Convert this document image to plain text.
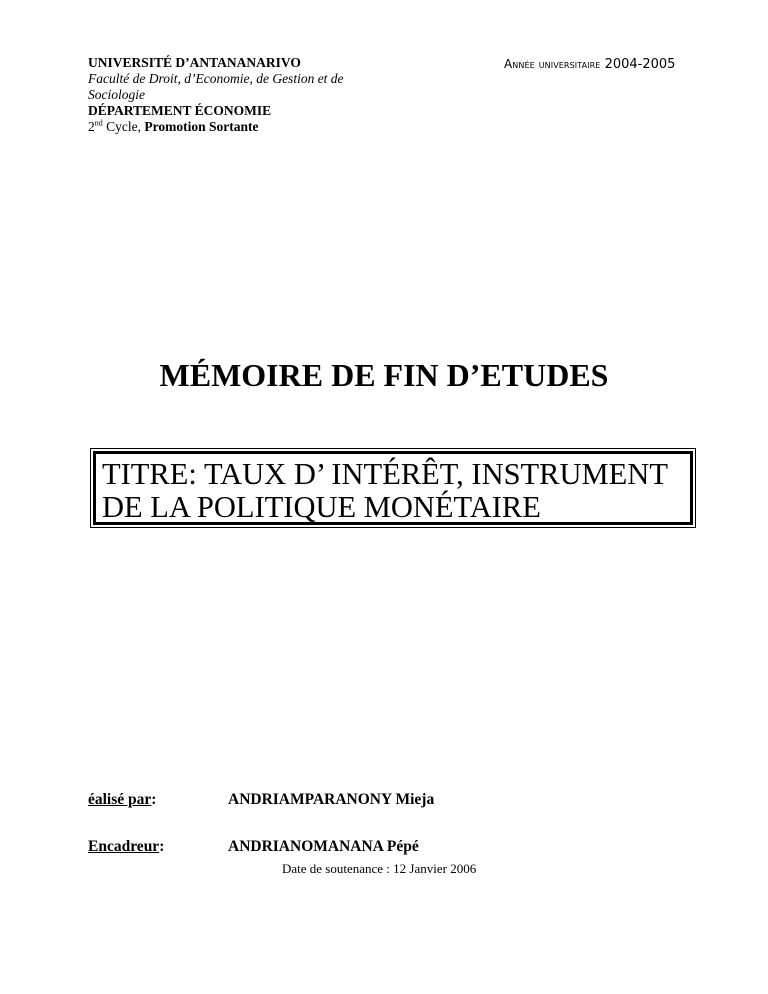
UNIVERSITÉ D’ANTANANARIVO
Faculté de Droit, d’Economie, de Gestion et de Sociologie
DÉPARTEMENT ÉCONOMIE
2nd Cycle, Promotion Sortante
Année universitaire 2004-2005
MÉMOIRE DE FIN D’ETUDES
TITRE: TAUX D’ INTÉRÊT, INSTRUMENT
DE LA POLITIQUE MONÉTAIRE
éalisé par:	ANDRIAMPARANONY Mieja
Encadreur:	ANDRIANOMANANA Pépé
Date de soutenance : 12 Janvier 2006
